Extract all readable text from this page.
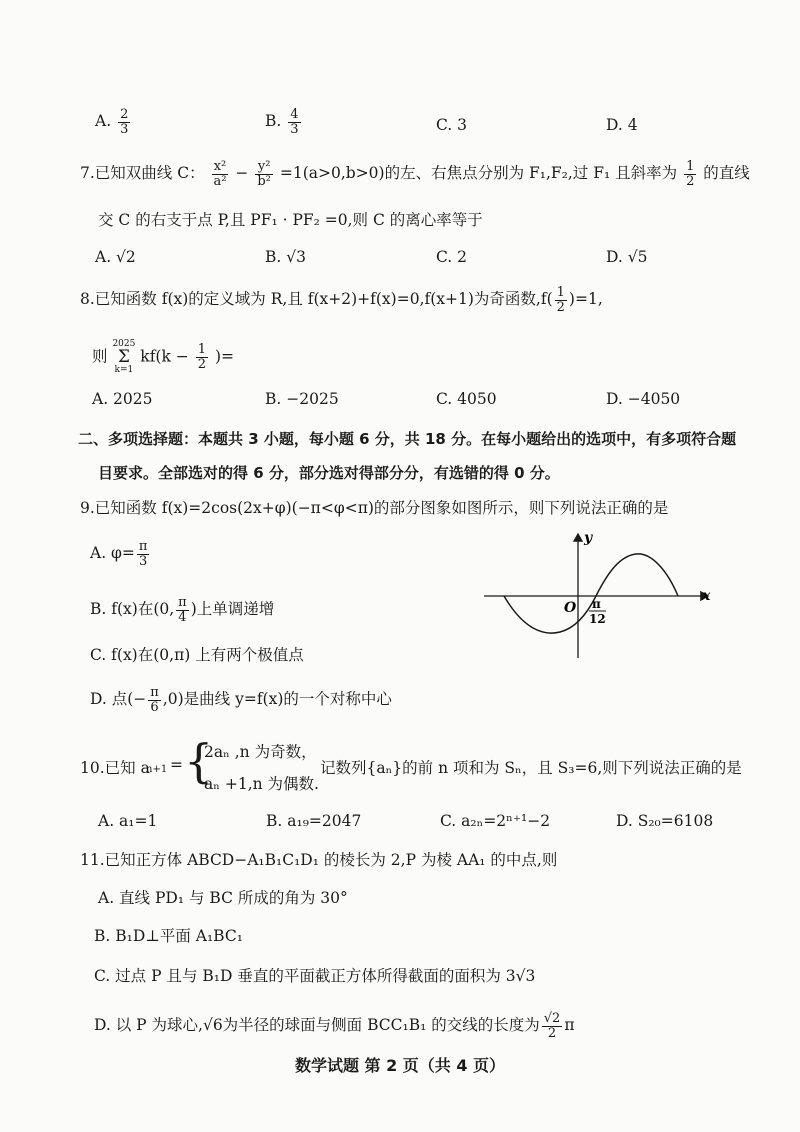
A. $\frac{2}{3}$	B. $\frac{4}{3}$	C. 3	D. 4
7.已知双曲线 C： $\frac{\text{x²}}{\text{a²}} - \frac{\text{y²}}{\text{b²}} =1(a>0,b>0)$的左、右焦点分别为 F₁,F₂,过 F₁ 且斜率为 $\frac{1}{2}$ 的直线
交 C 的右支于点 P,且 PF₁ · PF₂ =0,则 C 的离心率等于
A. √2	B. √3	C. 2	D. √5
8.已知函数 f(x)的定义域为 R,且 f(x+2)+f(x)=0,f(x+1)为奇函数$,f( \frac{1}{2} )=1$,
则
2025
Σ
k=1
$kf(k - \frac{1}{2}$ )=
A. 2025	B. −2025	C. 4050	D. −4050
二、多项选择题：本题共 3 小题，每小题 6 分，共 18 分。在每小题给出的选项中，有多项符合题
目要求。全部选对的得 6 分，部分选对得部分分，有选错的得 0 分。
9.已知函数 f(x)=2cos(2x+φ)(−π<φ<π)的部分图象如图所示，则下列说法正确的是
A. $\varphi= \frac{\pi}{3}$
B. f(x)在(0, $\frac{\pi}{4}$ )上单调递增
C. f(x)在(0,π) 上有两个极值点
D. 点(− $\frac{\pi}{6} ,0$)是曲线 y=f(x)的一个对称中心
y
x
O π
12
10.已知 a
n+1 = {
2aₙ ,n 为奇数，
aₙ +1,n 为偶数.
记数列{aₙ}的前 n 项和为 Sₙ，且 S₃=6,则下列说法正确的是
A. a₁=1	B. a₁₉=2047	C. a₂ₙ=2ⁿ⁺¹−2	D. S₂₀=6108
11.已知正方体 ABCD−A₁B₁C₁D₁ 的棱长为 2,P 为棱 AA₁ 的中点,则
A. 直线 PD₁ 与 BC 所成的角为 30°
B. B₁D⊥平面 A₁BC₁
C. 过点 P 且与 B₁D 垂直的平面截正方体所得截面的面积为 3√3
D. 以 P 为球心,√6为半径的球面与侧面 BCC₁B₁ 的交线的长度为 $\frac{√2}{2}$ π
数学试题 第 2 页（共 4 页）
